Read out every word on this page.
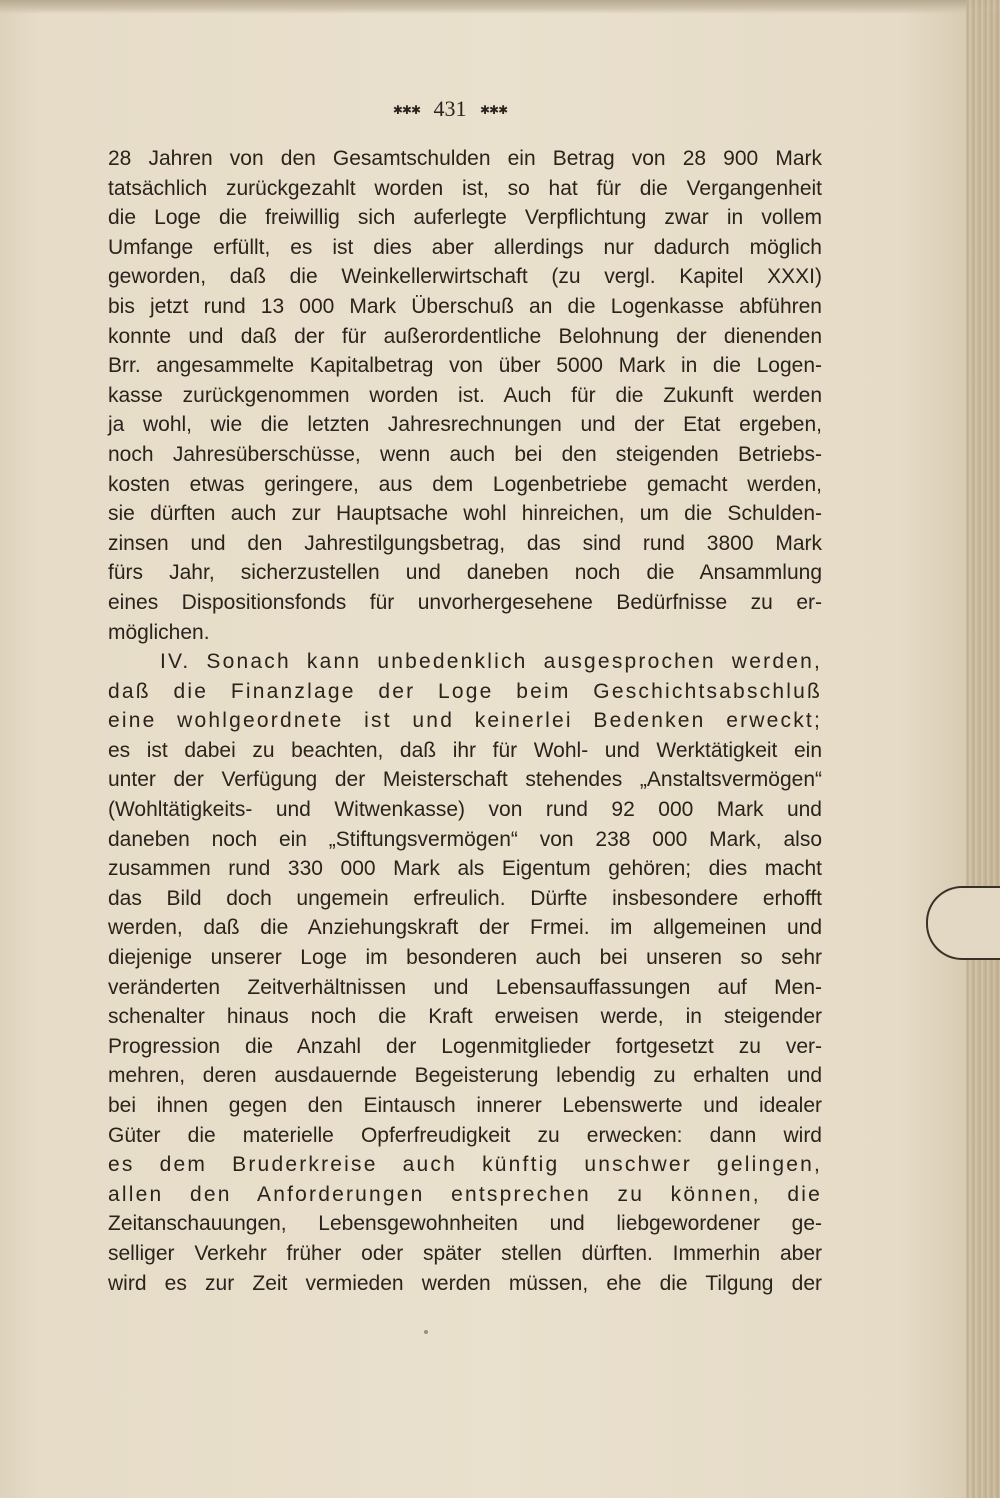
✱✱✱ 431 ✱✱✱
28 Jahren von den Gesamtschulden ein Betrag von 28 900 Mark
tatsächlich zurückgezahlt worden ist, so hat für die Vergangenheit
die Loge die freiwillig sich auferlegte Verpflichtung zwar in vollem
Umfange erfüllt, es ist dies aber allerdings nur dadurch möglich
geworden, daß die Weinkellerwirtschaft (zu vergl. Kapitel XXXI)
bis jetzt rund 13 000 Mark Überschuß an die Logenkasse abführen
konnte und daß der für außerordentliche Belohnung der dienenden
Brr. angesammelte Kapitalbetrag von über 5000 Mark in die Logen-
kasse zurückgenommen worden ist. Auch für die Zukunft werden
ja wohl, wie die letzten Jahresrechnungen und der Etat ergeben,
noch Jahresüberschüsse, wenn auch bei den steigenden Betriebs-
kosten etwas geringere, aus dem Logenbetriebe gemacht werden,
sie dürften auch zur Hauptsache wohl hinreichen, um die Schulden-
zinsen und den Jahrestilgungsbetrag, das sind rund 3800 Mark
fürs Jahr, sicherzustellen und daneben noch die Ansammlung
eines Dispositionsfonds für unvorhergesehene Bedürfnisse zu er-
möglichen.
IV. Sonach kann unbedenklich ausgesprochen werden,
daß die Finanzlage der Loge beim Geschichtsabschluß
eine wohlgeordnete ist und keinerlei Bedenken erweckt;
es ist dabei zu beachten, daß ihr für Wohl- und Werktätigkeit ein
unter der Verfügung der Meisterschaft stehendes „Anstaltsvermögen“
(Wohltätigkeits- und Witwenkasse) von rund 92 000 Mark und
daneben noch ein „Stiftungsvermögen“ von 238 000 Mark, also
zusammen rund 330 000 Mark als Eigentum gehören; dies macht
das Bild doch ungemein erfreulich. Dürfte insbesondere erhofft
werden, daß die Anziehungskraft der Frmei. im allgemeinen und
diejenige unserer Loge im besonderen auch bei unseren so sehr
veränderten Zeitverhältnissen und Lebensauffassungen auf Men-
schenalter hinaus noch die Kraft erweisen werde, in steigender
Progression die Anzahl der Logenmitglieder fortgesetzt zu ver-
mehren, deren ausdauernde Begeisterung lebendig zu erhalten und
bei ihnen gegen den Eintausch innerer Lebenswerte und idealer
Güter die materielle Opferfreudigkeit zu erwecken: dann wird
es dem Bruderkreise auch künftig unschwer gelingen,
allen den Anforderungen entsprechen zu können, die
Zeitanschauungen, Lebensgewohnheiten und liebgewordener ge-
selliger Verkehr früher oder später stellen dürften. Immerhin aber
wird es zur Zeit vermieden werden müssen, ehe die Tilgung der
